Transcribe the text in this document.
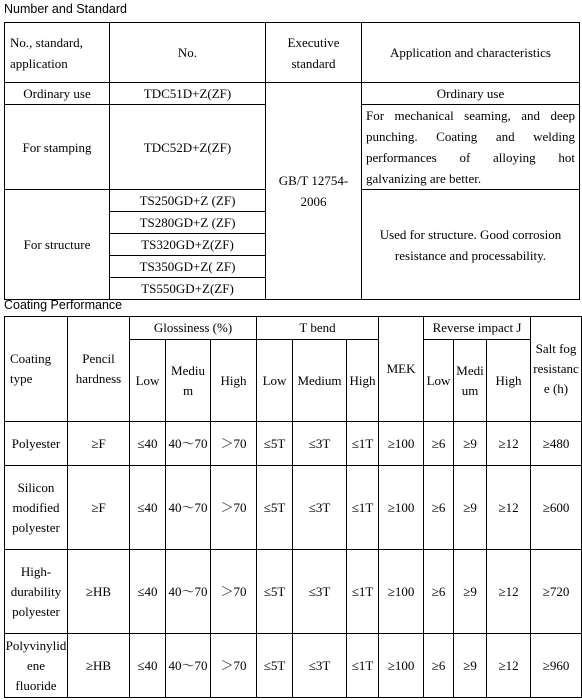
Number and Standard
No., standard, application	No.	Executive standard	Application and characteristics
Ordinary use	TDC51D+Z(ZF)	GB/T 12754-2006	Ordinary use
For stamping	TDC52D+Z(ZF)		For mechanical seaming, and deep punching. Coating and welding performances of alloying hot galvanizing are better.
For structure	TS250GD+Z (ZF)		Used for structure. Good corrosion resistance and processability.
	TS280GD+Z (ZF)		
	TS320GD+Z(ZF)		
	TS350GD+Z( ZF)		
	TS550GD+Z(ZF)		
Coating Performance
Coating type	Pencil hardness	Glossiness (%)			T bend			MEK	Reverse impact J			Salt fog resistance (h)
		Low	Medium	High	Low	Medium	High		Low	Medium	High	
Polyester	≥F	≤40	40～70	＞70	≤5T	≤3T	≤1T	≥100	≥6	≥9	≥12	≥480
Silicon modified polyester	≥F	≤40	40～70	＞70	≤5T	≤3T	≤1T	≥100	≥6	≥9	≥12	≥600
High-durability polyester	≥HB	≤40	40～70	＞70	≤5T	≤3T	≤1T	≥100	≥6	≥9	≥12	≥720
Polyvinylidene fluoride	≥HB	≤40	40～70	＞70	≤5T	≤3T	≤1T	≥100	≥6	≥9	≥12	≥960
